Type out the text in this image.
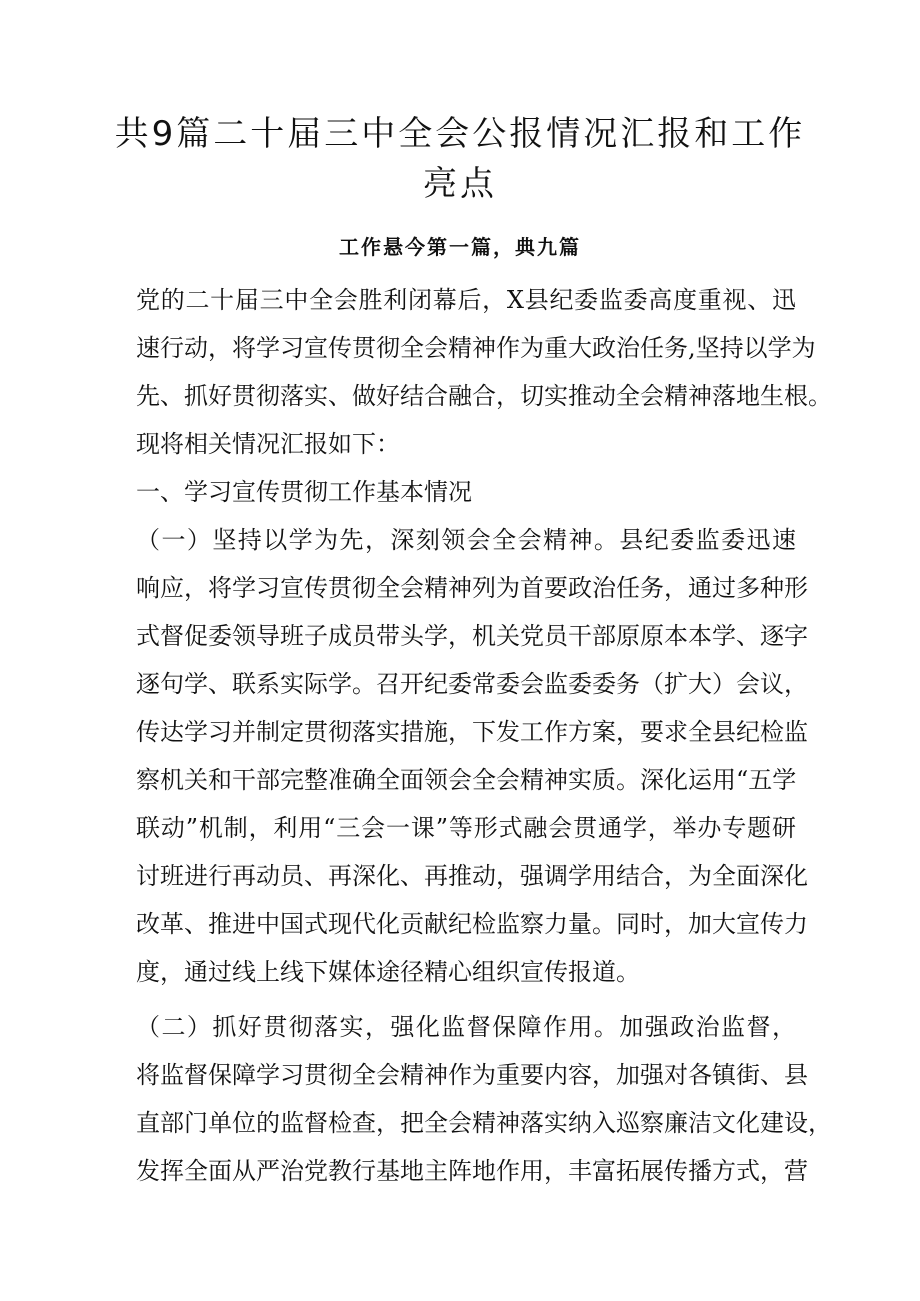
共9篇二十届三中全会公报情况汇报和工作
亮点
工作悬今第一篇，典九篇
党的二十届三中全会胜利闭幕后，X县纪委监委高度重视、迅
速行动，将学习宣传贯彻全会精神作为重大政治任务,坚持以学为
先、抓好贯彻落实、做好结合融合，切实推动全会精神落地生根。
现将相关情况汇报如下：
一、学习宣传贯彻工作基本情况
（一）坚持以学为先，深刻领会全会精神。县纪委监委迅速
响应，将学习宣传贯彻全会精神列为首要政治任务，通过多种形
式督促委领导班子成员带头学，机关党员干部原原本本学、逐字
逐句学、联系实际学。召开纪委常委会监委委务（扩大）会议，
传达学习并制定贯彻落实措施，下发工作方案，要求全县纪检监
察机关和干部完整准确全面领会全会精神实质。深化运用“五学
联动”机制，利用“三会一课”等形式融会贯通学，举办专题研
讨班进行再动员、再深化、再推动，强调学用结合，为全面深化
改革、推进中国式现代化贡献纪检监察力量。同时，加大宣传力
度，通过线上线下媒体途径精心组织宣传报道。
（二）抓好贯彻落实，强化监督保障作用。加强政治监督，
将监督保障学习贯彻全会精神作为重要内容，加强对各镇街、县
直部门单位的监督检查，把全会精神落实纳入巡察廉洁文化建设，
发挥全面从严治党教行基地主阵地作用，丰富拓展传播方式，营
